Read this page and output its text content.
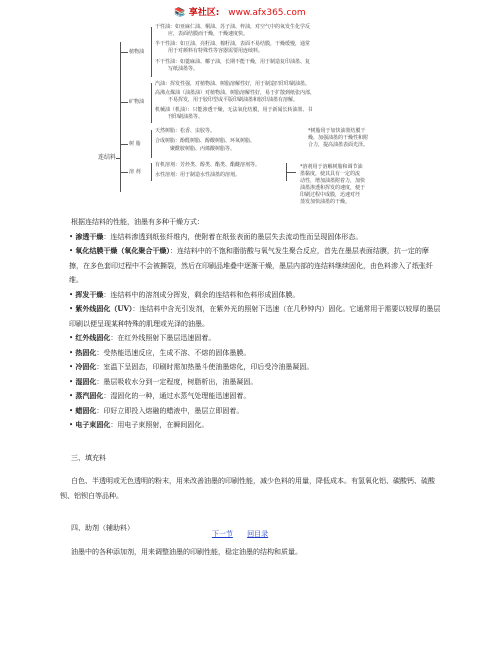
📚 享社区: www.afx365.com
连结料
植物油
干性油：如亚麻仁油、桐油、苏子油、梓油，对空气中的氧发生化学反
应，表面结膜而干燥，干燥速度快。
半干性油：如豆油、亮籽油、棉籽油，表面不易结膜，干燥缓慢，通常
用于对颜料有特殊性等容器需要用连续料。
不干性油：如蓖麻油、椰子油，长期不能干燥，用于制造复印油墨、复
写纸油墨等。
矿物油
汽油：挥发性强，对植物油、树脂溶解性好，用于制造凹印印刷油墨。
高沸点煤油（油墨油）对植物油、树脂溶解性好，易于扩散到纸张内部，
不易挥发，用于胶印型或平版印刷油墨和胶印油墨有溶解。
机械油（机油）：只能渗透干燥，无法氧化结膜，用于新闻长转油墨、书
刊印刷油墨等。
树 脂
天然树脂：松香、虫胶等。
合成树脂：酚醛树脂、醇酸树脂、环氧树脂、
聚酰胺树脂、丙烯酸树脂等。
*树脂用于加快油墨结膜干
燥，加强油墨的干燥性和附
合力，提高油墨表面光泽。
溶 剂
有机溶剂：芳烃类、醇类、酯类、酯醚溶剂等。
水性溶剂：用于制造水性油墨的溶剂。
*溶剂用于溶解树脂和调节油
墨黏度，使其具有一定的流
动性，增加油墨附着力，加快
油墨渗透和挥发的速度，便于
印刷过程中成膜，迅速对坯
蒸发加快油墨的干燥。

根据连结料的性能，油墨有多种干燥方式：

• 渗透干燥：连结料渗透到纸张纤维内，使附着在纸张表面的墨层失去流动性而呈现固体形态。

• 氧化结膜干燥（氧化聚合干燥）：连结料中的不饱和脂肪酸与氧气发生聚合反应，首先在墨层表面结膜，抗一定的摩擦，在多色套印过程中不会被撕裂，然后在印刷品堆叠中逐渐干燥，墨层内部的连结料继续固化，由色料渗入了纸张纤维。

• 挥发干燥：连结料中的溶剂成分挥发，剩余的连结料和色料形成固体膜。

• 紫外线固化（UV）：连结料中含光引发剂，在紫外光的照射下迅速（在几秒钟内）固化。它通常用于需要以较厚的墨层印刷以便呈现某种特殊的肌理或光泽的油墨。

• 红外线固化：在红外线照射下墨层迅速固着。

• 热固化：受热能迅速反应，生成不溶、不熔的固体墨膜。

• 冷固化：室温下呈固态，印刷时需加热墨斗使油墨熔化，印后受冷油墨凝固。

• 湿固化：墨层吸收水分到一定程度，树脂析出，油墨凝固。

• 蒸汽固化：湿固化的一种，通过水蒸气处理能迅速固着。

• 蜡固化：印好立即投入熔融的蜡液中，墨层立即固着。

• 电子束固化：用电子束照射，在瞬间固化。

三、填充料

白色、半透明或无色透明的粉末，用来改善油墨的印刷性能，减少色料的用量，降低成本。有氢氧化铝、碳酸钙、硫酸钡、铝钡白等品种。

四、助剂（辅助料）

油墨中的各种添加剂，用来调整油墨的印刷性能，稳定油墨的结构和质量。

下一节 回目录
